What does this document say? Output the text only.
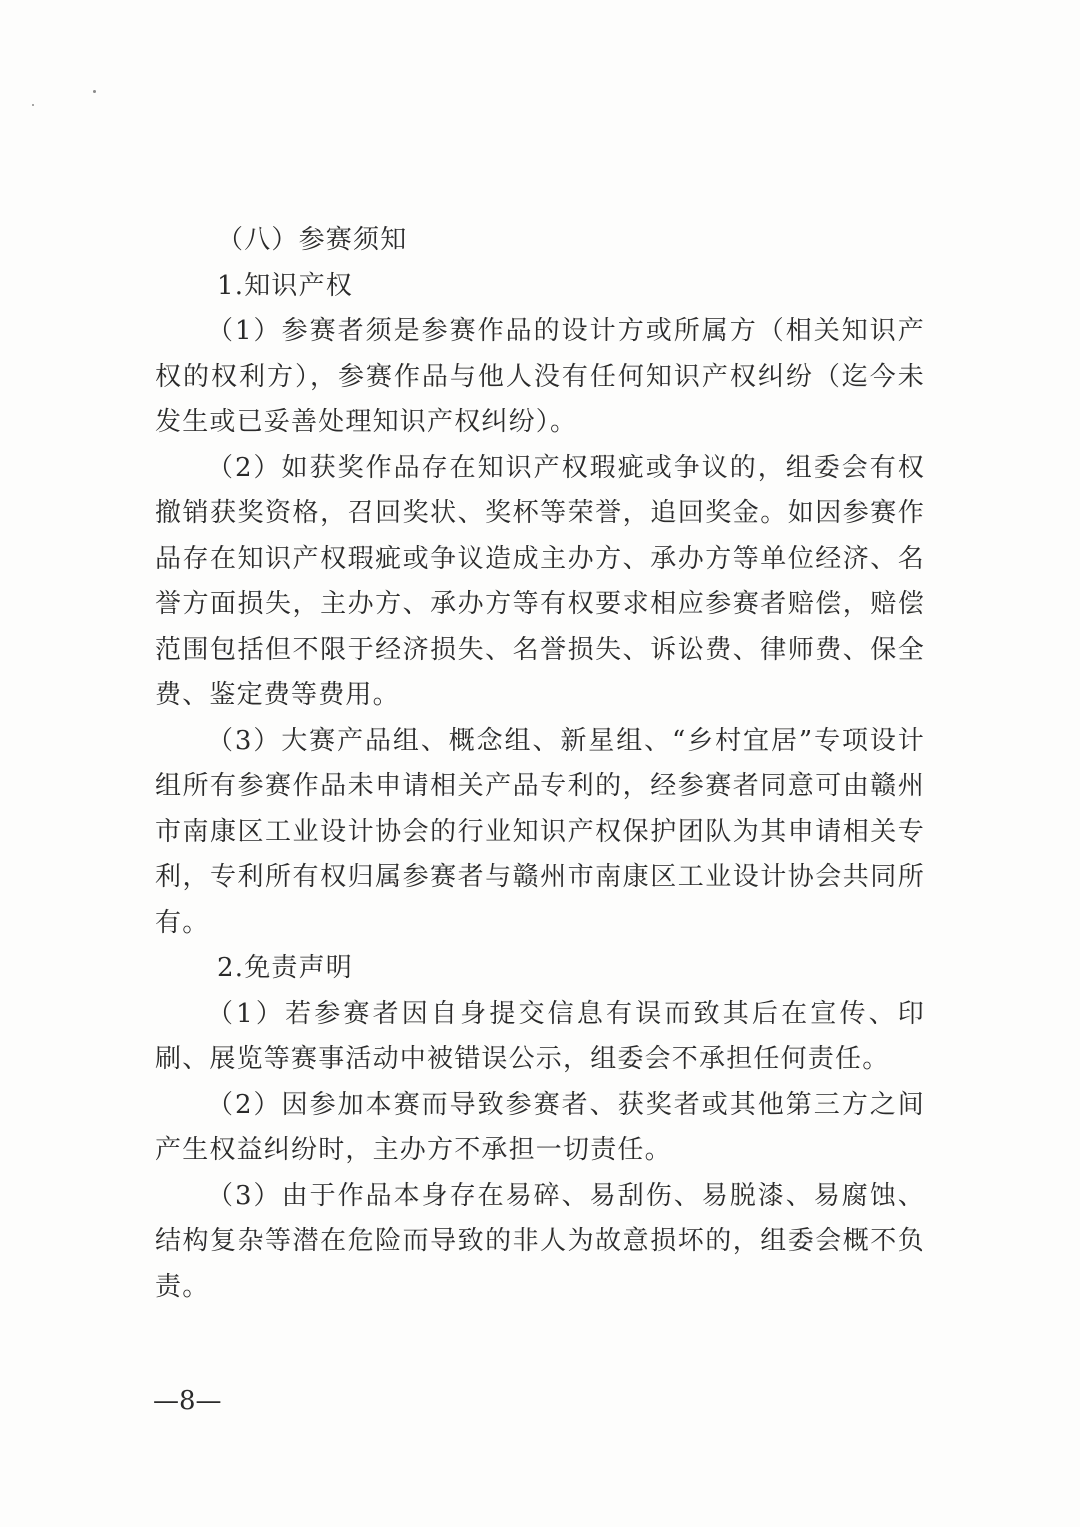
（八）参赛须知

1.知识产权

（1）参赛者须是参赛作品的设计方或所属方（相关知识产权的权利方），参赛作品与他人没有任何知识产权纠纷（迄今未发生或已妥善处理知识产权纠纷）。

（2）如获奖作品存在知识产权瑕疵或争议的，组委会有权撤销获奖资格，召回奖状、奖杯等荣誉，追回奖金。如因参赛作品存在知识产权瑕疵或争议造成主办方、承办方等单位经济、名誉方面损失，主办方、承办方等有权要求相应参赛者赔偿，赔偿范围包括但不限于经济损失、名誉损失、诉讼费、律师费、保全费、鉴定费等费用。

（3）大赛产品组、概念组、新星组、“乡村宜居”专项设计组所有参赛作品未申请相关产品专利的，经参赛者同意可由赣州市南康区工业设计协会的行业知识产权保护团队为其申请相关专利，专利所有权归属参赛者与赣州市南康区工业设计协会共同所有。

2.免责声明

（1）若参赛者因自身提交信息有误而致其后在宣传、印刷、展览等赛事活动中被错误公示，组委会不承担任何责任。

（2）因参加本赛而导致参赛者、获奖者或其他第三方之间产生权益纠纷时，主办方不承担一切责任。

（3）由于作品本身存在易碎、易刮伤、易脱漆、易腐蚀、结构复杂等潜在危险而导致的非人为故意损坏的，组委会概不负责。

—8—
